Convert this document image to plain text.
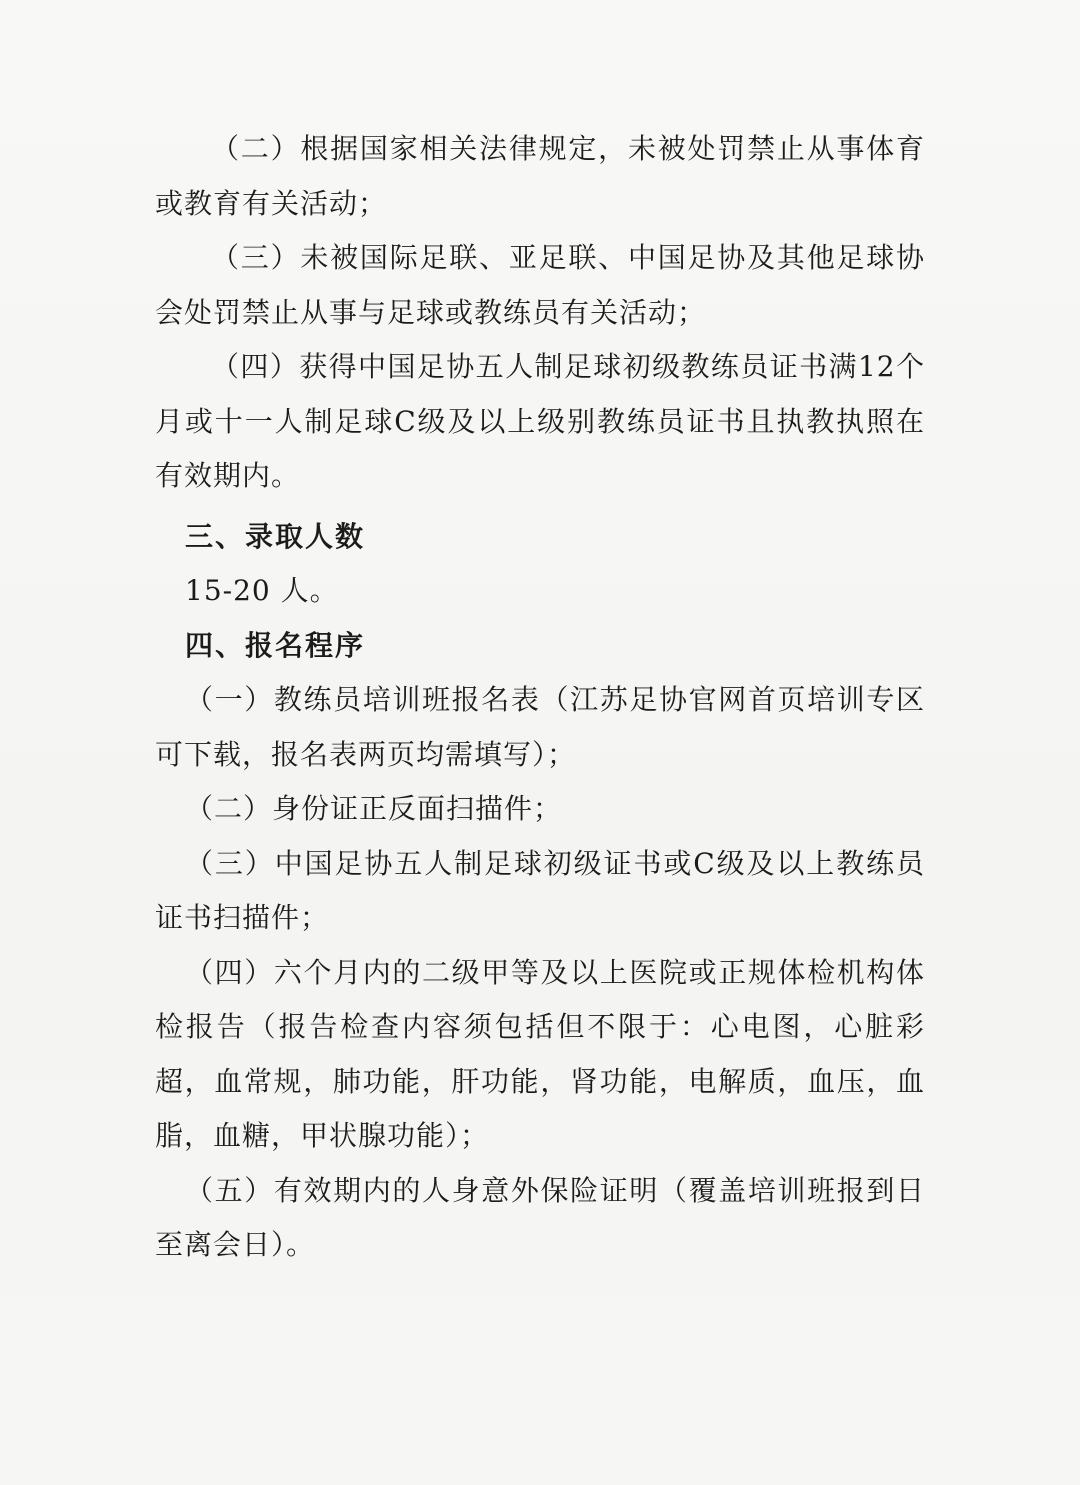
（二）根据国家相关法律规定，未被处罚禁止从事体育或教育有关活动；

（三）未被国际足联、亚足联、中国足协及其他足球协会处罚禁止从事与足球或教练员有关活动；

（四）获得中国足协五人制足球初级教练员证书满12个月或十一人制足球C级及以上级别教练员证书且执教执照在有效期内。

三、录取人数

15-20 人。

四、报名程序

（一）教练员培训班报名表（江苏足协官网首页培训专区可下载，报名表两页均需填写）；

（二）身份证正反面扫描件；

（三）中国足协五人制足球初级证书或C级及以上教练员证书扫描件；

（四）六个月内的二级甲等及以上医院或正规体检机构体检报告（报告检查内容须包括但不限于：心电图，心脏彩超，血常规，肺功能，肝功能，肾功能，电解质，血压，血脂，血糖，甲状腺功能）；

（五）有效期内的人身意外保险证明（覆盖培训班报到日至离会日）。
